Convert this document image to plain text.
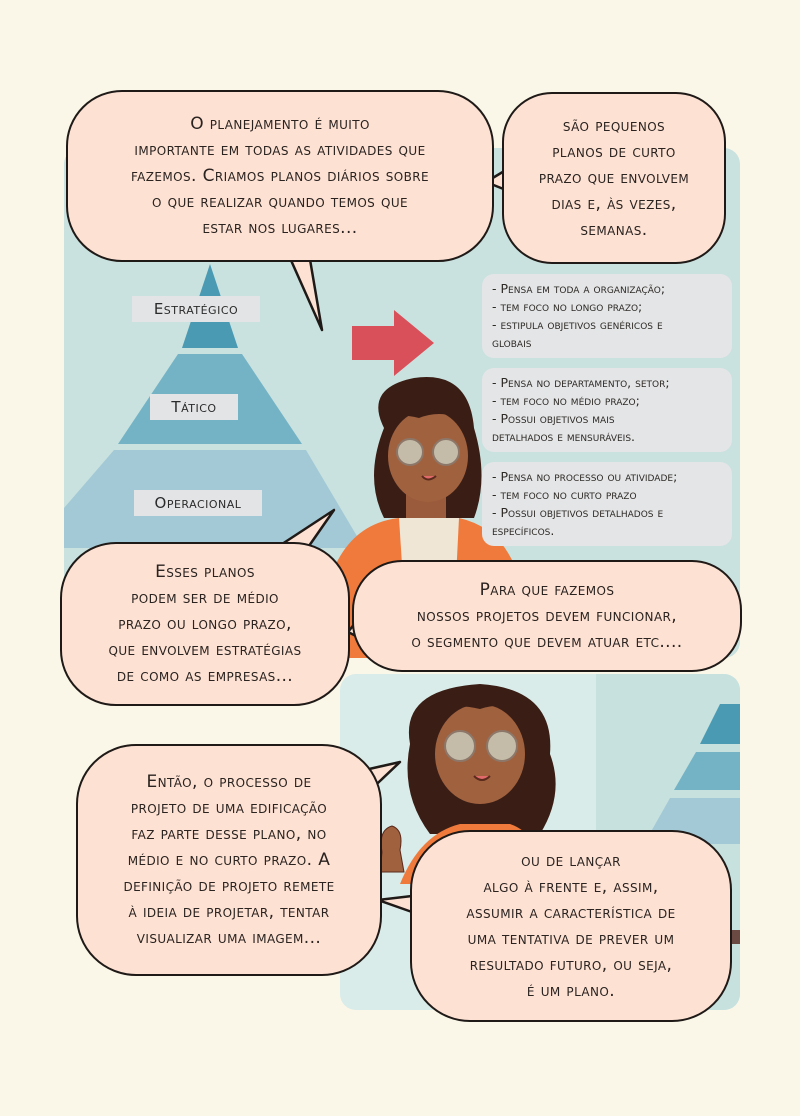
Estratégico
Tático
Operacional
- Pensa em toda a organização;
- tem foco no longo prazo;
- estipula objetivos genéricos e
globais
- Pensa no departamento, setor;
- tem foco no médio prazo;
- Possui objetivos mais
detalhados e mensuráveis.
- Pensa no processo ou atividade;
- tem foco no curto prazo
- Possui objetivos detalhados e
específicos.
O planejamento é muito
importante em todas as atividades que
fazemos. Criamos planos diários sobre
o que realizar quando temos que
estar nos lugares...
são pequenos
planos de curto
prazo que envolvem
dias e, às vezes,
semanas.
Esses planos
podem ser de médio
prazo ou longo prazo,
que envolvem estratégias
de como as empresas...
Para que fazemos
nossos projetos devem funcionar,
o segmento que devem atuar etc....
Então, o processo de
projeto de uma edificação
faz parte desse plano, no
médio e no curto prazo. A
definição de projeto remete
à ideia de projetar, tentar
visualizar uma imagem...
ou de lançar
algo à frente e, assim,
assumir a característica de
uma tentativa de prever um
resultado futuro, ou seja,
é um plano.
